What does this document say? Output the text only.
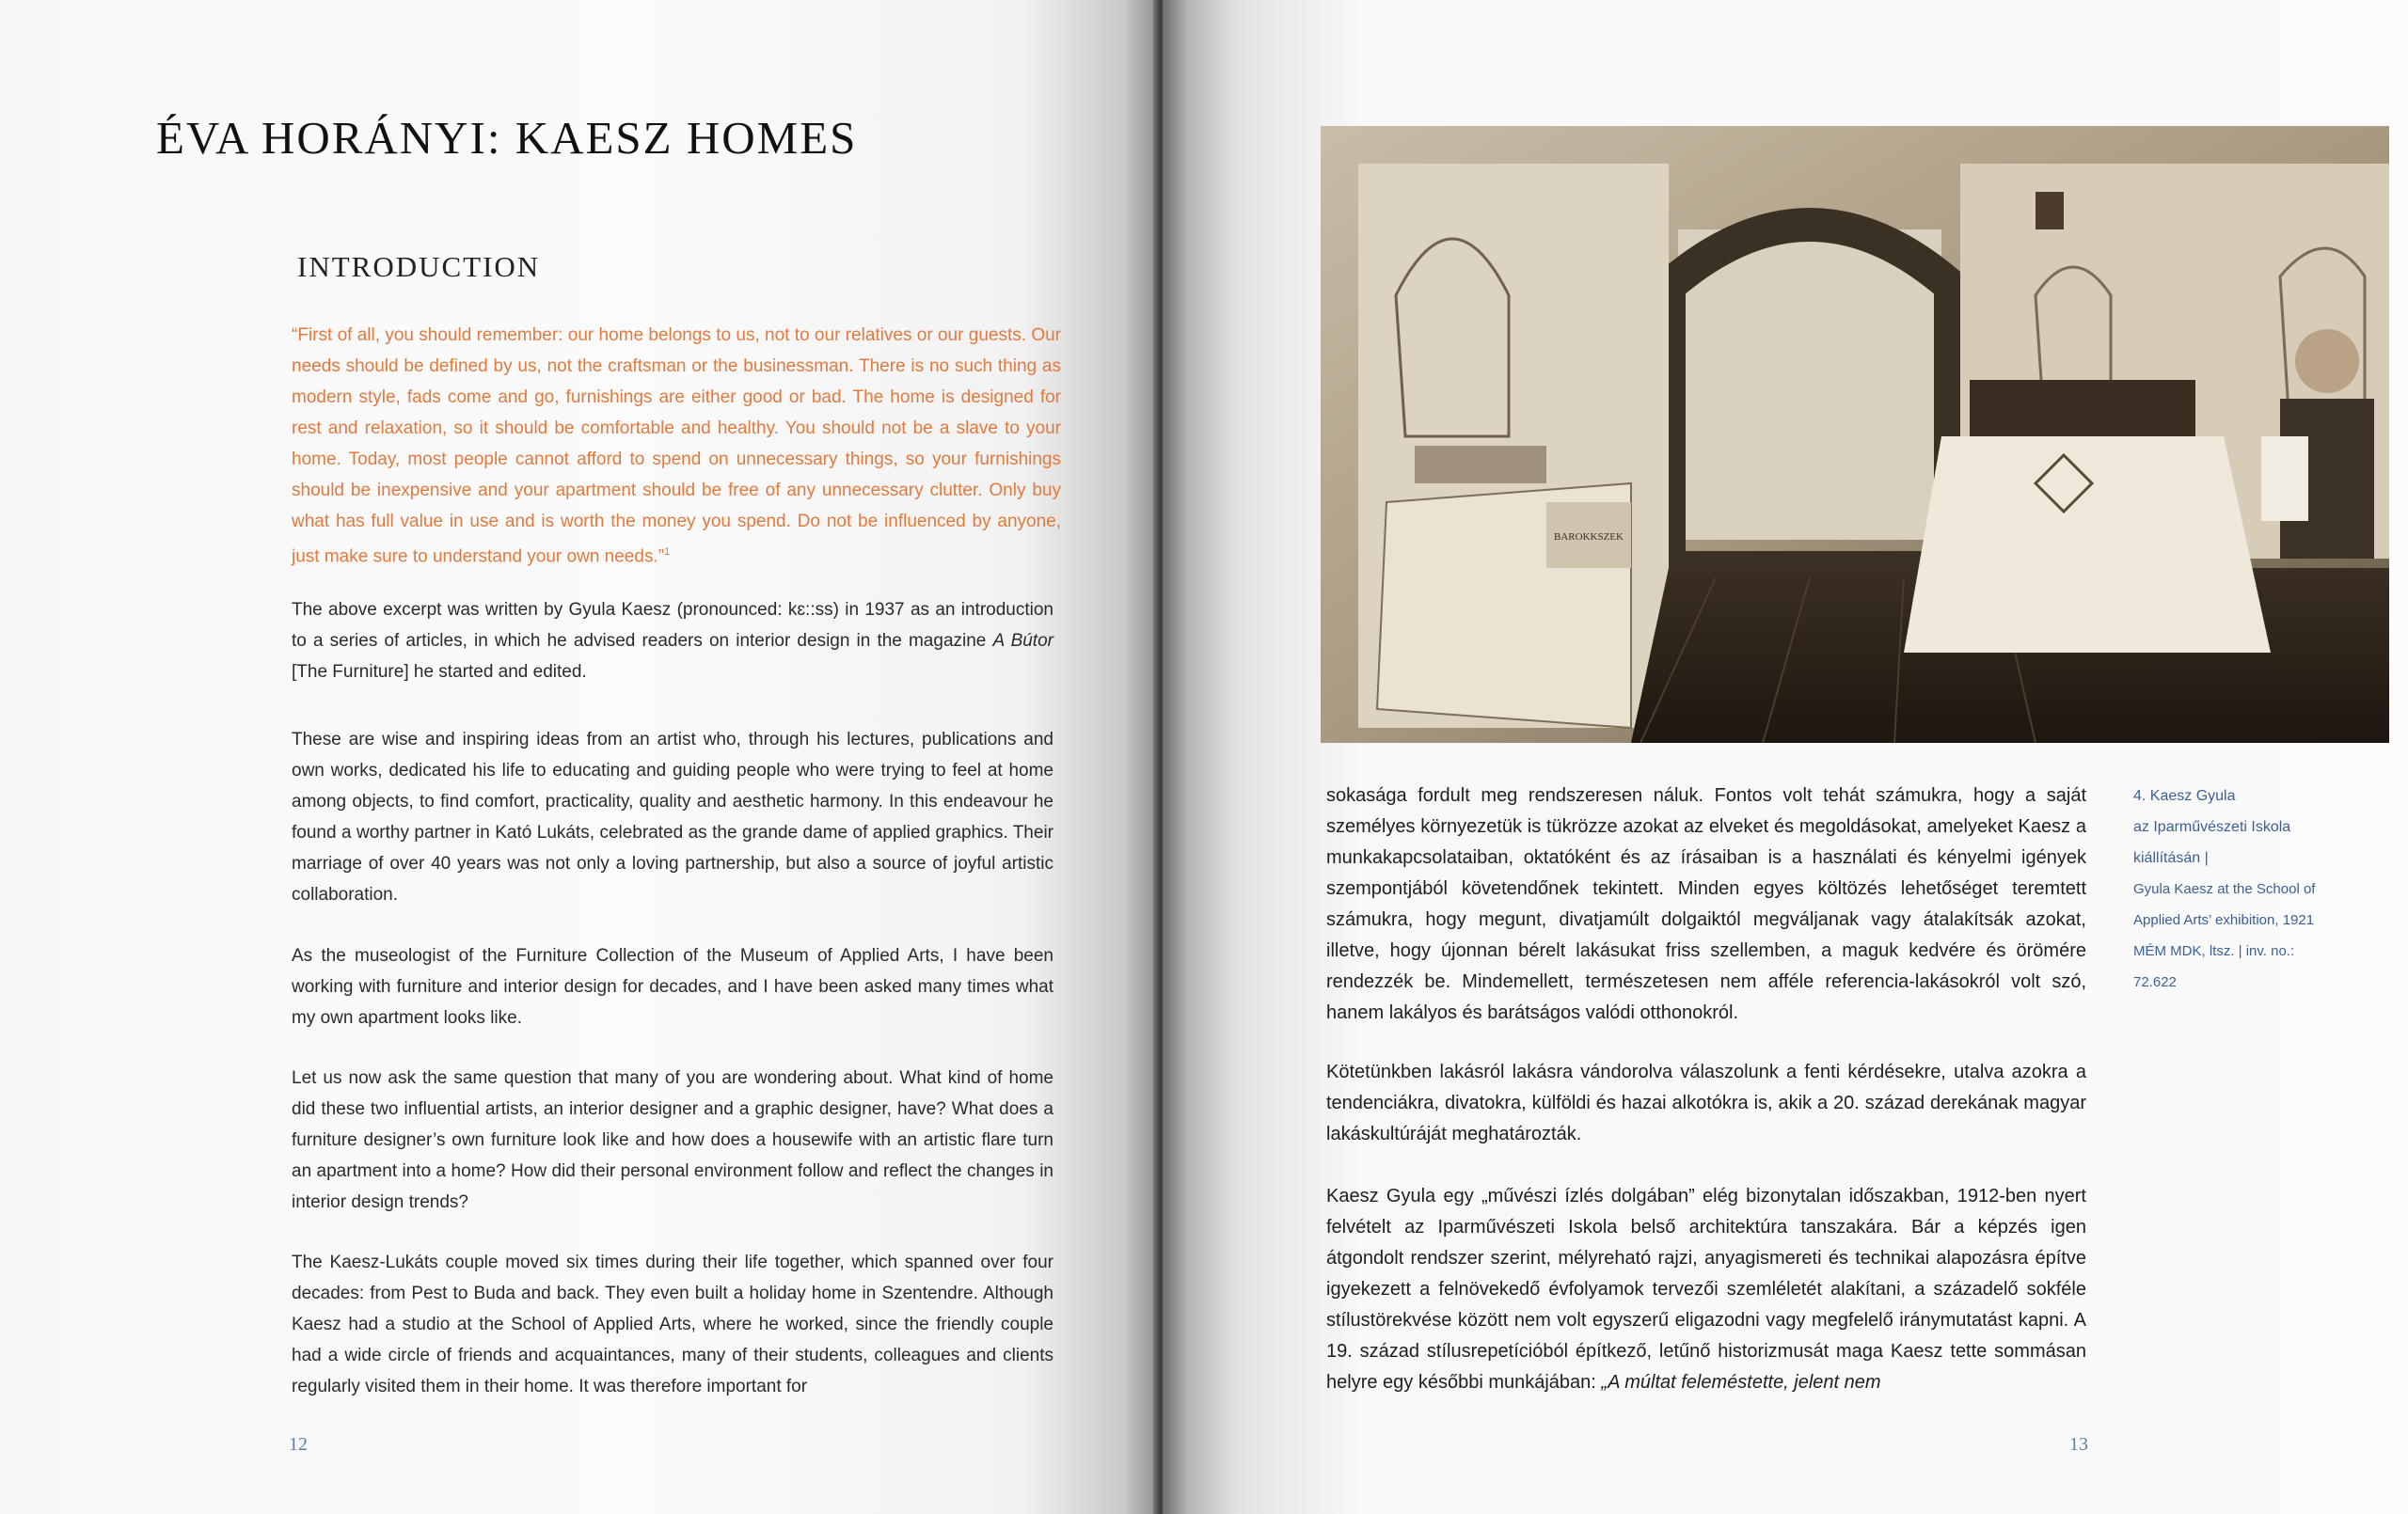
ÉVA HORÁNYI: KAESZ HOMES
INTRODUCTION

“First of all, you should remember: our home belongs to us, not to our relatives or our guests. Our needs should be defined by us, not the craftsman or the businessman. There is no such thing as modern style, fads come and go, furnishings are either good or bad. The home is designed for rest and relaxation, so it should be comfortable and healthy. You should not be a slave to your home. Today, most people cannot afford to spend on unnecessary things, so your furnishings should be inexpensive and your apartment should be free of any unnecessary clutter. Only buy what has full value in use and is worth the money you spend. Do not be influenced by anyone, just make sure to understand your own needs.”$^1$

The above excerpt was written by Gyula Kaesz (pronounced: kɛ::ss) in 1937 as an introduction to a series of articles, in which he advised readers on interior design in the magazine A Bútor [The Furniture] he started and edited.

These are wise and inspiring ideas from an artist who, through his lectures, publications and own works, dedicated his life to educating and guiding people who were trying to feel at home among objects, to find comfort, practicality, quality and aesthetic harmony. In this endeavour he found a worthy partner in Kató Lukáts, celebrated as the grande dame of applied graphics. Their marriage of over 40 years was not only a loving partnership, but also a source of joyful artistic collaboration.

As the museologist of the Furniture Collection of the Museum of Applied Arts, I have been working with furniture and interior design for decades, and I have been asked many times what my own apartment looks like.

Let us now ask the same question that many of you are wondering about. What kind of home did these two influential artists, an interior designer and a graphic designer, have? What does a furniture designer’s own furniture look like and how does a housewife with an artistic flare turn an apartment into a home? How did their personal environment follow and reflect the changes in interior design trends?

The Kaesz-Lukáts couple moved six times during their life together, which spanned over four decades: from Pest to Buda and back. They even built a holiday home in Szentendre. Although Kaesz had a studio at the School of Applied Arts, where he worked, since the friendly couple had a wide circle of friends and acquaintances, many of their students, colleagues and clients regularly visited them in their home. It was therefore important for

12
BAROKKSZEK

sokasága fordult meg rendszeresen náluk. Fontos volt tehát számukra, hogy a saját személyes környezetük is tükrözze azokat az elveket és megoldásokat, amelyeket Kaesz a munkakapcsolataiban, oktatóként és az írásaiban is a használati és kényelmi igények szempontjából követendőnek tekintett. Minden egyes költözés lehetőséget teremtett számukra, hogy megunt, divatjamúlt dolgaiktól megváljanak vagy átalakítsák azokat, illetve, hogy újonnan bérelt lakásukat friss szellemben, a maguk kedvére és örömére rendezzék be. Mindemellett, természetesen nem afféle referencia-lakásokról volt szó, hanem lakályos és barátságos valódi otthonokról.

Kötetünkben lakásról lakásra vándorolva válaszolunk a fenti kérdésekre, utalva azokra a tendenciákra, divatokra, külföldi és hazai alkotókra is, akik a 20. század derekának magyar lakáskultúráját meghatározták.

Kaesz Gyula egy „művészi ízlés dolgában” elég bizonytalan időszakban, 1912-ben nyert felvételt az Iparművészeti Iskola belső architektúra tanszakára. Bár a képzés igen átgondolt rendszer szerint, mélyreható rajzi, anyagismereti és technikai alapozásra építve igyekezett a felnövekedő évfolyamok tervezői szemléletét alakítani, a századelő sokféle stílustörekvése között nem volt egyszerű eligazodni vagy megfelelő iránymutatást kapni. A 19. század stílusrepetícióból építkező, letűnő historizmusát maga Kaesz tette sommásan helyre egy későbbi munkájában: „A múltat feleméstette, jelent nem

4. Kaesz Gyula
az Iparművészeti Iskola
kiállításán |
Gyula Kaesz at the School of
Applied Arts’ exhibition, 1921
MÉM MDK, ltsz. | inv. no.:
72.622
13
